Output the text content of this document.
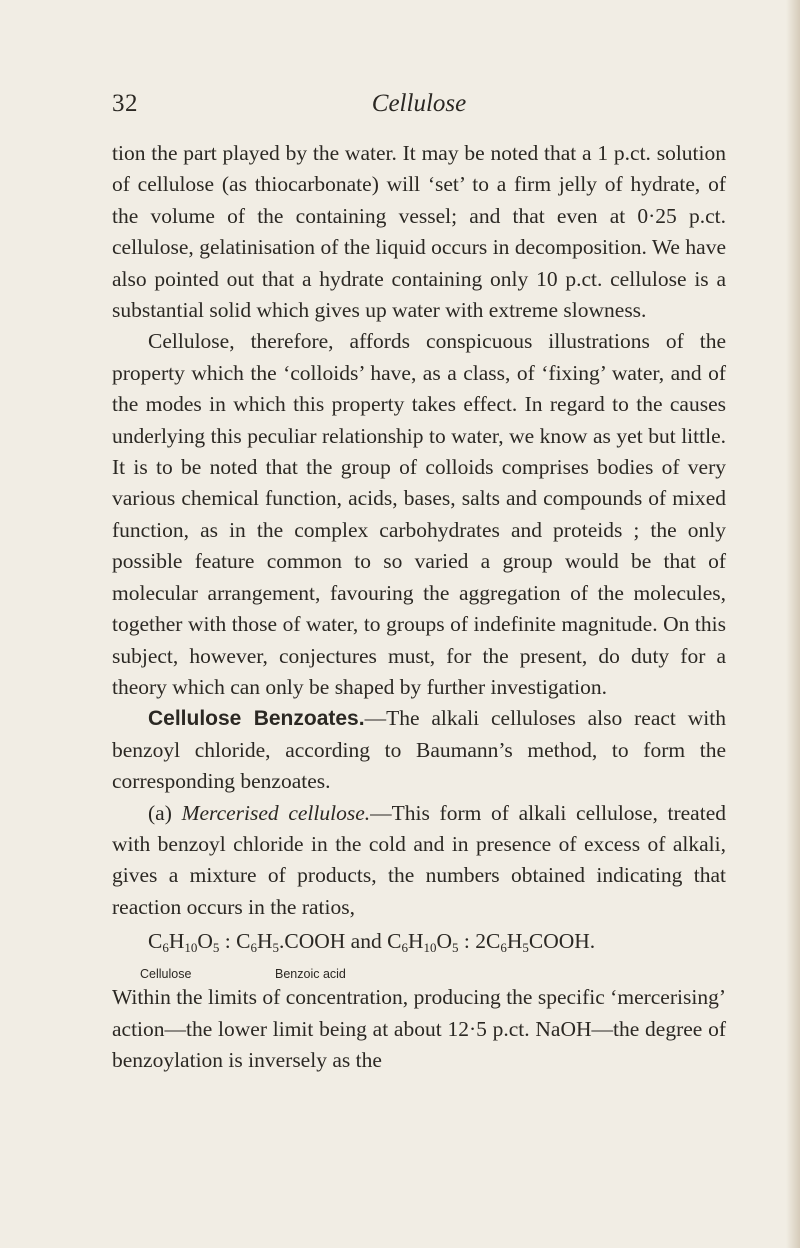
32	Cellulose

tion the part played by the water. It may be noted that a 1 p.ct. solution of cellulose (as thiocarbonate) will ‘set’ to a firm jelly of hydrate, of the volume of the containing vessel; and that even at 0·25 p.ct. cellulose, gelatinisation of the liquid occurs in decomposition. We have also pointed out that a hydrate containing only 10 p.ct. cellulose is a substantial solid which gives up water with extreme slowness.

Cellulose, therefore, affords conspicuous illustrations of the property which the ‘colloids’ have, as a class, of ‘fixing’ water, and of the modes in which this property takes effect. In regard to the causes underlying this peculiar relationship to water, we know as yet but little. It is to be noted that the group of colloids comprises bodies of very various chemical function, acids, bases, salts and compounds of mixed function, as in the complex carbohydrates and proteids ; the only possible feature common to so varied a group would be that of molecular arrangement, favouring the aggregation of the molecules, together with those of water, to groups of indefinite magnitude. On this subject, however, conjectures must, for the present, do duty for a theory which can only be shaped by further investigation.

Cellulose Benzoates.—The alkali celluloses also react with benzoyl chloride, according to Baumann’s method, to form the corresponding benzoates.

(a) Mercerised cellulose.—This form of alkali cellulose, treated with benzoyl chloride in the cold and in presence of excess of alkali, gives a mixture of products, the numbers obtained indicating that reaction occurs in the ratios,

$C_6H_{10}O_5$ : $C_6H_5.COOH$ and $C_6H_{10}O_5$ : $2C_6H_5COOH$.
Cellulose	Benzoic acid

Within the limits of concentration, producing the specific ‘mercerising’ action—the lower limit being at about 12·5 p.ct. NaOH—the degree of benzoylation is inversely as the
